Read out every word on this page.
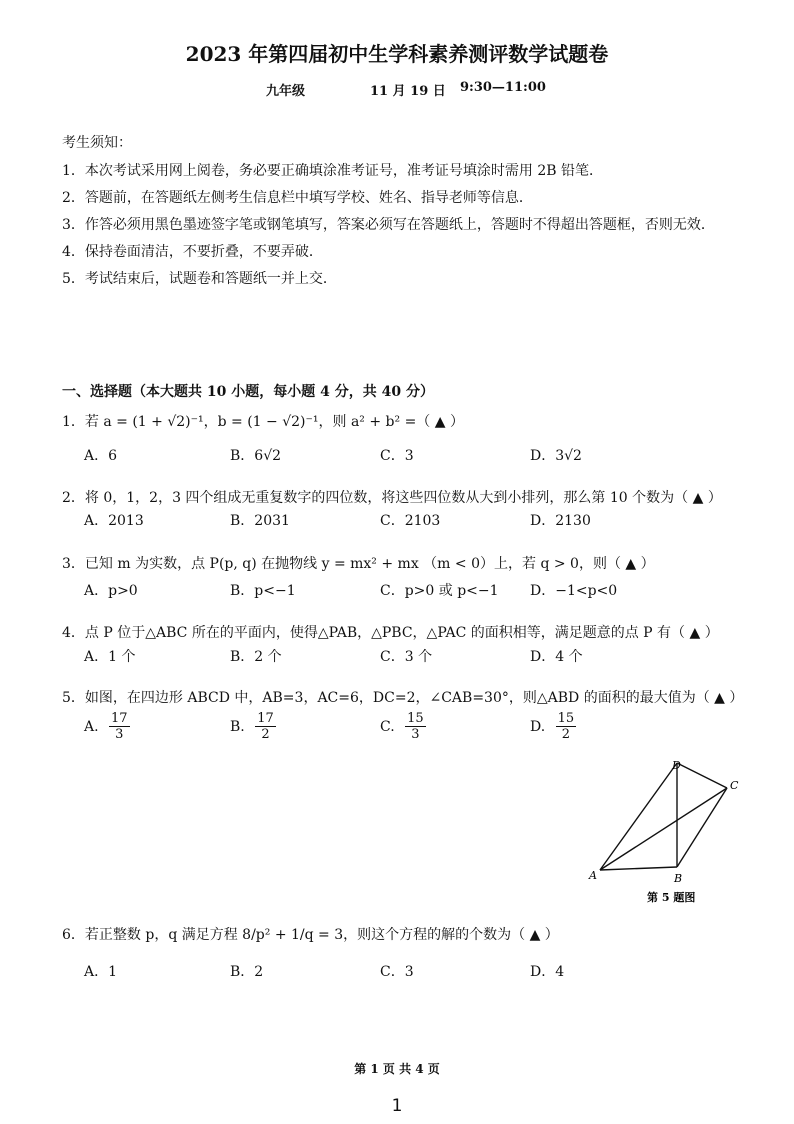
2023 年第四届初中生学科素养测评数学试题卷
九年级	11 月 19 日 9:30—11:00
考生须知：
1．本次考试采用网上阅卷，务必要正确填涂准考证号，准考证号填涂时需用 2B 铅笔．
2．答题前，在答题纸左侧考生信息栏中填写学校、姓名、指导老师等信息．
3．作答必须用黑色墨迹签字笔或钢笔填写，答案必须写在答题纸上，答题时不得超出答题框，否则无效．
4．保持卷面清洁，不要折叠，不要弄破．
5．考试结束后，试题卷和答题纸一并上交．
一、选择题（本大题共 10 小题，每小题 4 分，共 40 分）
1．若 a = (1 + √2)⁻¹，b = (1 − √2)⁻¹，则 a² + b² =（ ▲ ）
A．6	B．6√2	C．3	D．3√2
2．将 0，1，2，3 四个组成无重复数字的四位数，将这些四位数从大到小排列，那么第 10 个数为（ ▲ ）
A．2013	B．2031	C．2103	D．2130
3．已知 m 为实数，点 P(p, q) 在抛物线 y = mx² + mx （m < 0）上，若 q > 0，则（ ▲ ）
A．p>0	B．p<−1	C．p>0 或 p<−1 D．−1<p<0
4．点 P 位于△ABC 所在的平面内，使得△PAB，△PBC，△PAC 的面积相等，满足题意的点 P 有（ ▲ ）
A．1 个	B．2 个	C．3 个	D．4 个
5．如图，在四边形 ABCD 中，AB=3，AC=6，DC=2，∠CAB=30°，则△ABD 的面积的最大值为（ ▲ ）
A. $\frac{17}{3}$	B. $\frac{17}{2}$	C. $\frac{15}{3}$	D. $\frac{15}{2}$
D
C
A	B
第 5 题图
6．若正整数 p，q 满足方程 8/p² + 1/q = 3，则这个方程的解的个数为（ ▲ ）
A．1	B．2	C．3	D．4
第 1 页 共 4 页
1
